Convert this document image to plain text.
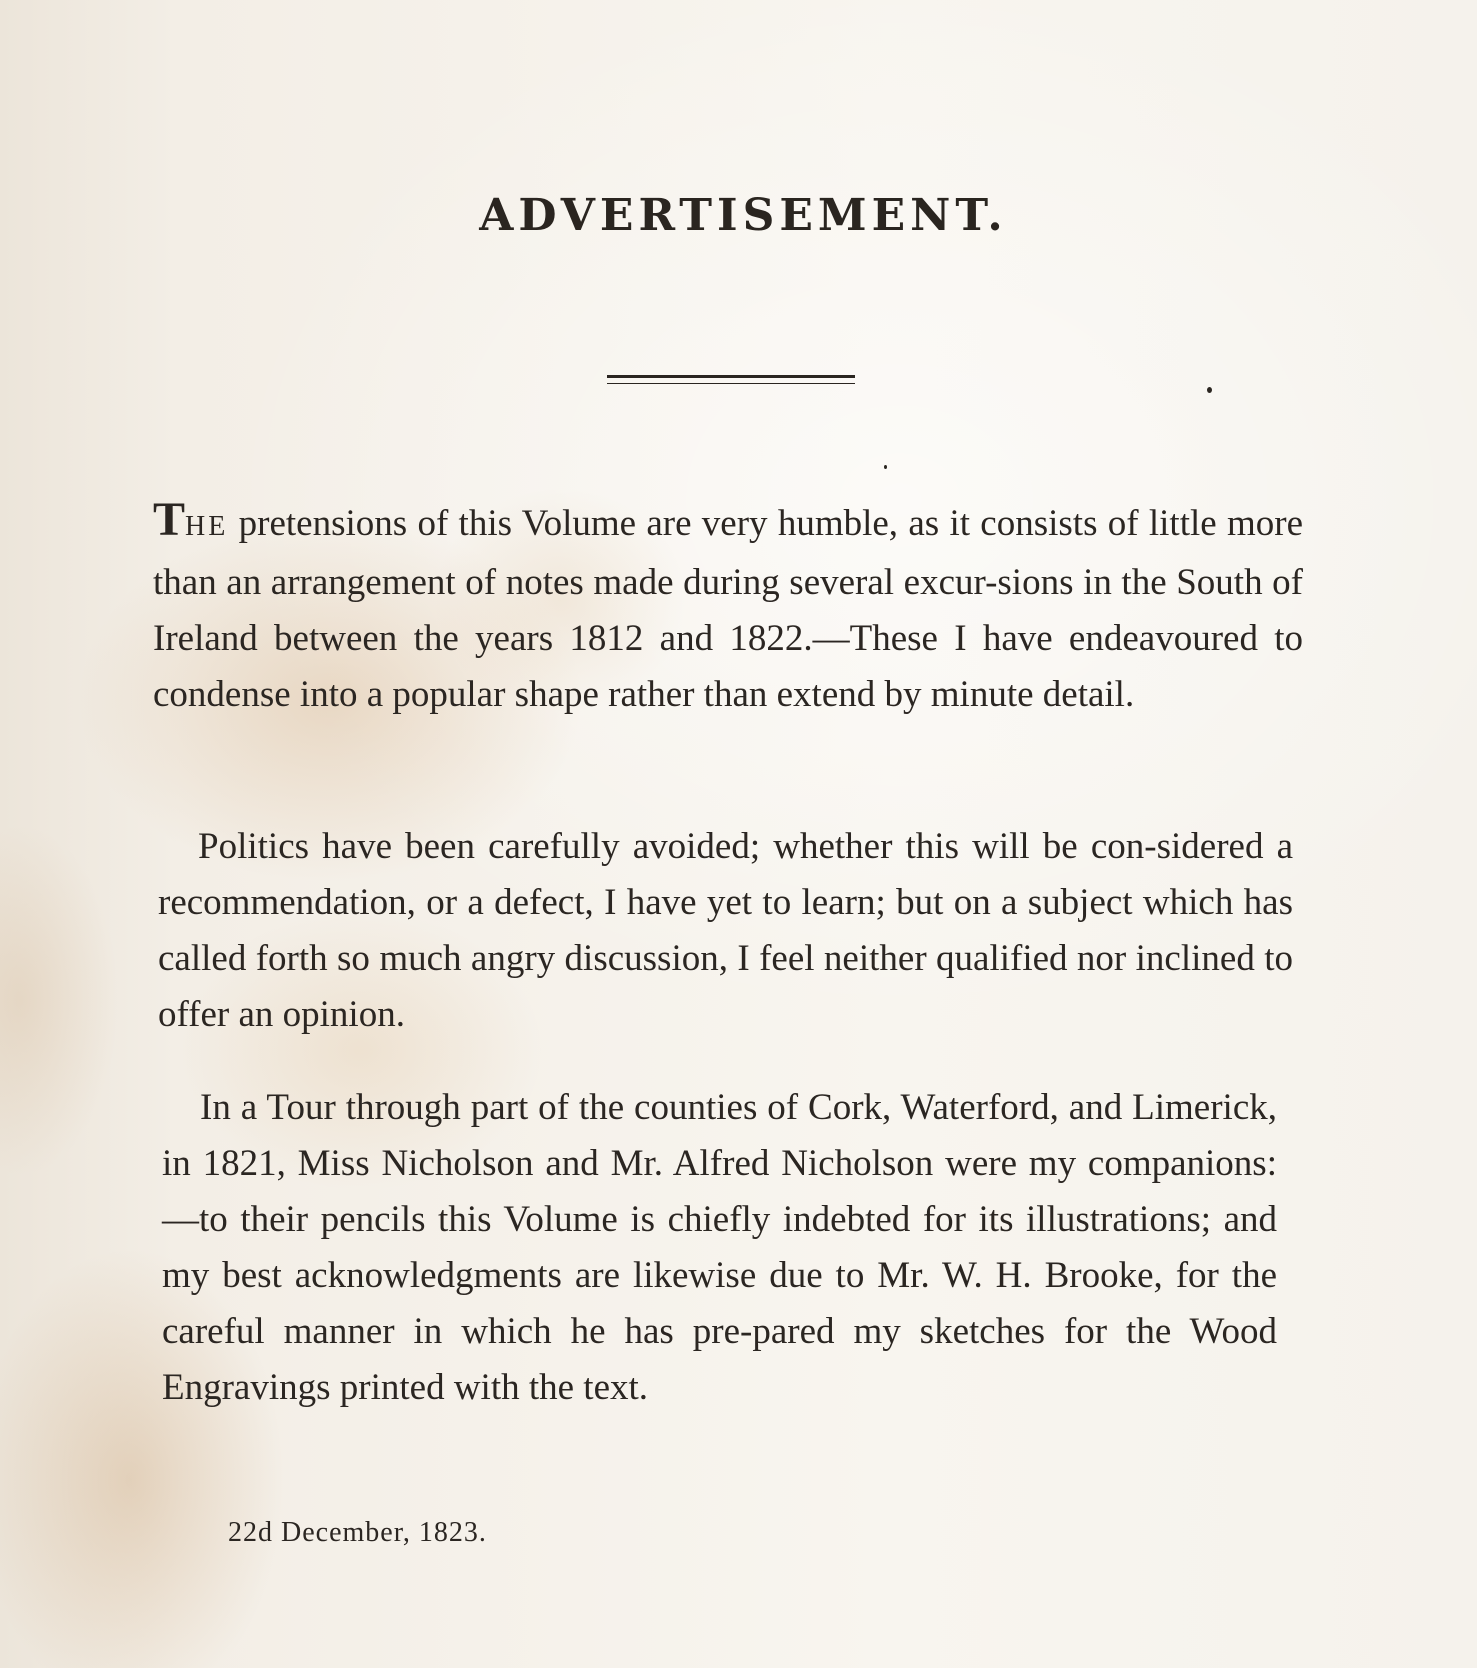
ADVERTISEMENT.

THE pretensions of this Volume are very humble, as it consists of little more than an arrangement of notes made during several excur-sions in the South of Ireland between the years 1812 and 1822.—These I have endeavoured to condense into a popular shape rather than extend by minute detail.

Politics have been carefully avoided; whether this will be con-sidered a recommendation, or a defect, I have yet to learn; but on a subject which has called forth so much angry discussion, I feel neither qualified nor inclined to offer an opinion.

In a Tour through part of the counties of Cork, Waterford, and Limerick, in 1821, Miss Nicholson and Mr. Alfred Nicholson were my companions:—to their pencils this Volume is chiefly indebted for its illustrations; and my best acknowledgments are likewise due to Mr. W. H. Brooke, for the careful manner in which he has pre-pared my sketches for the Wood Engravings printed with the text.

22d December, 1823.
